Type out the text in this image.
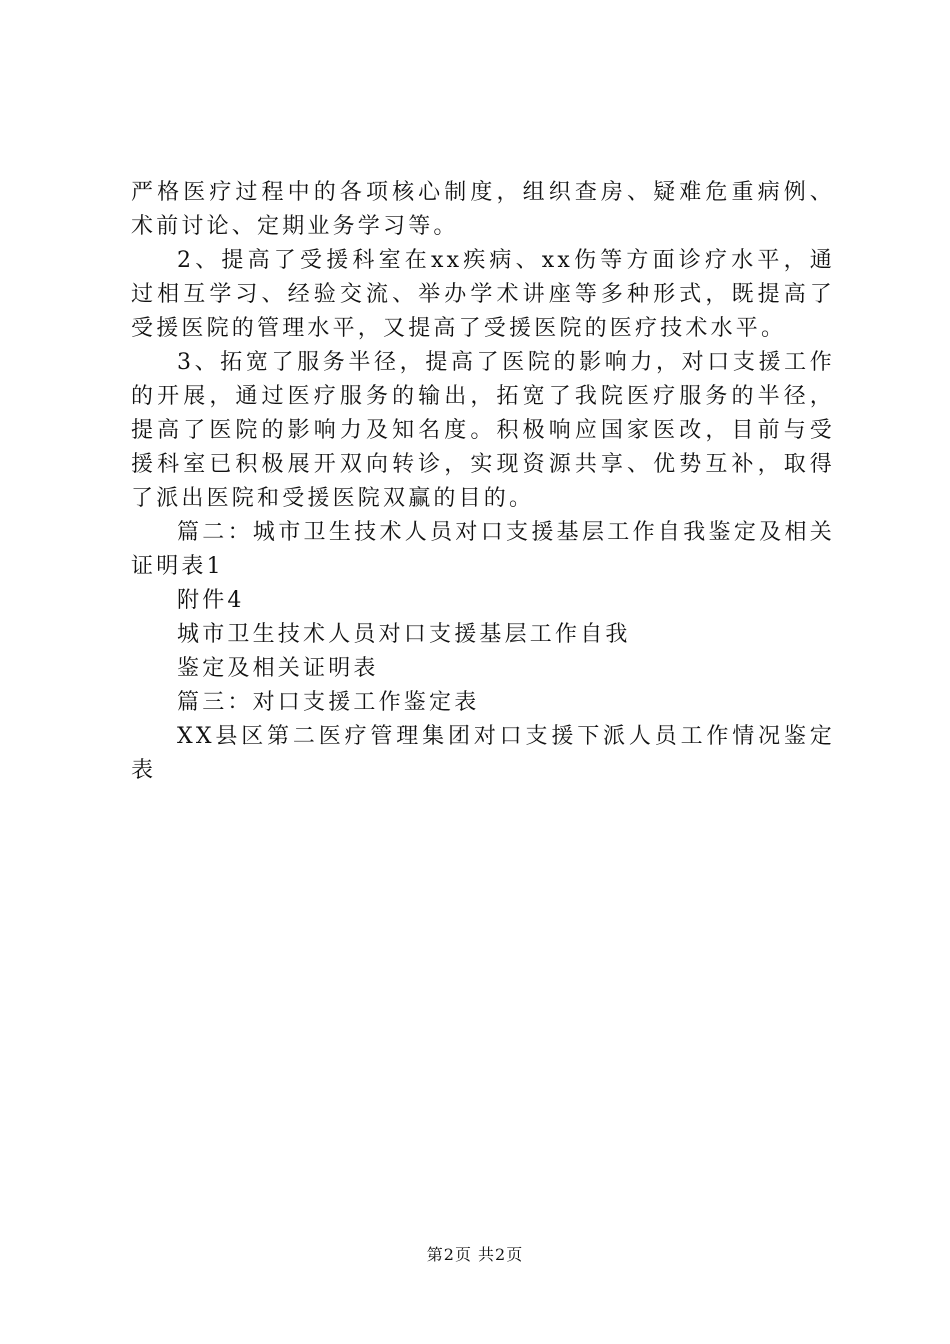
严格医疗过程中的各项核心制度，组织查房、疑难危重病例、术前讨论、定期业务学习等。

2、提高了受援科室在xx疾病、xx伤等方面诊疗水平，通过相互学习、经验交流、举办学术讲座等多种形式，既提高了受援医院的管理水平，又提高了受援医院的医疗技术水平。

3、拓宽了服务半径，提高了医院的影响力，对口支援工作的开展，通过医疗服务的输出，拓宽了我院医疗服务的半径，提高了医院的影响力及知名度。积极响应国家医改，目前与受援科室已积极展开双向转诊，实现资源共享、优势互补，取得了派出医院和受援医院双赢的目的。

篇二：城市卫生技术人员对口支援基层工作自我鉴定及相关证明表1

附件4

城市卫生技术人员对口支援基层工作自我

鉴定及相关证明表

篇三：对口支援工作鉴定表

XX县区第二医疗管理集团对口支援下派人员工作情况鉴定表

第2页 共2页
